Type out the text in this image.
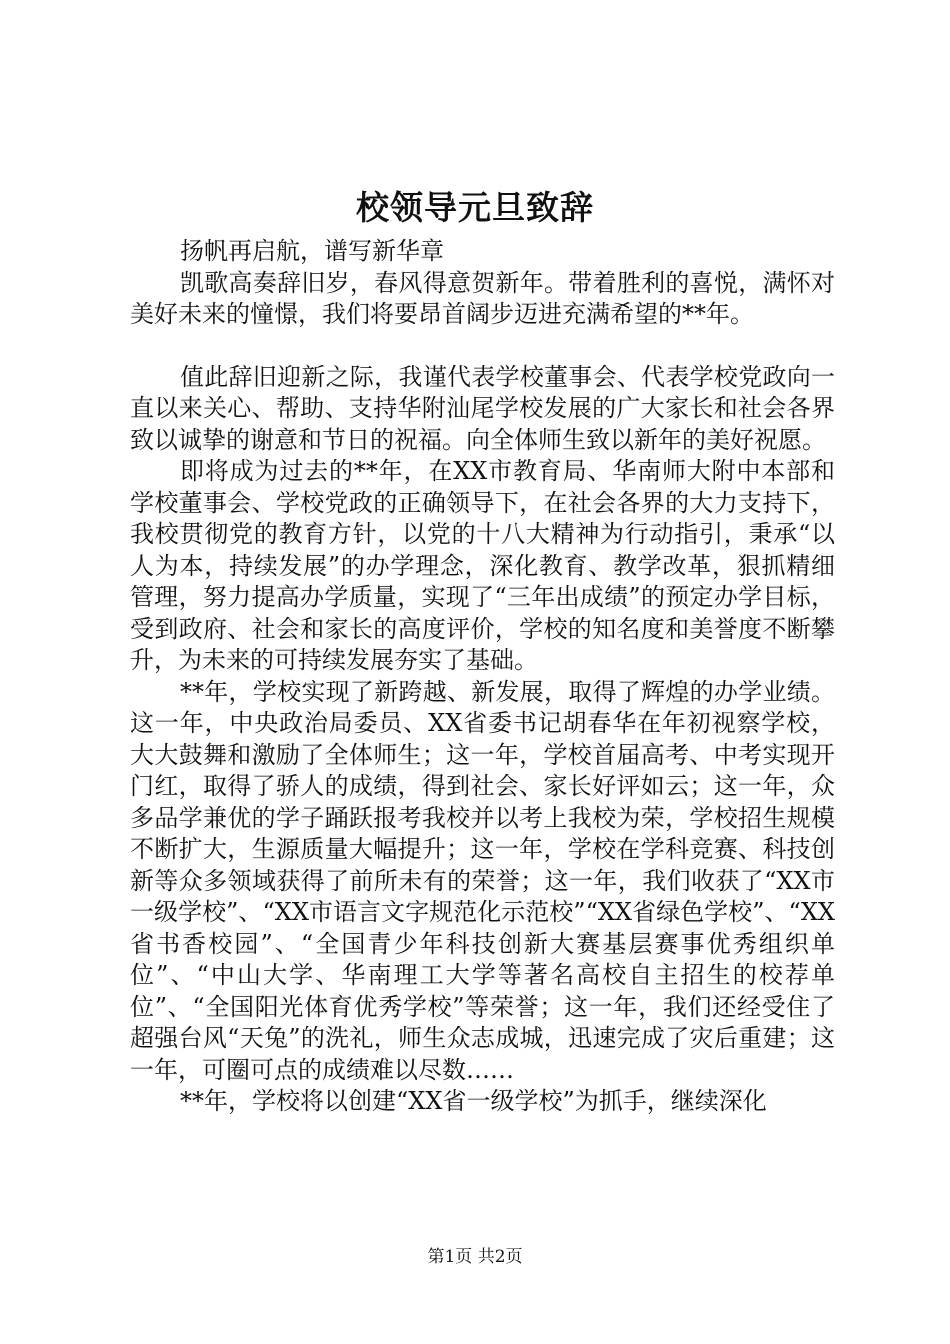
校领导元旦致辞

扬帆再启航，谱写新华章

凯歌高奏辞旧岁，春风得意贺新年。带着胜利的喜悦，满怀对美好未来的憧憬，我们将要昂首阔步迈进充满希望的**年。

值此辞旧迎新之际，我谨代表学校董事会、代表学校党政向一直以来关心、帮助、支持华附汕尾学校发展的广大家长和社会各界致以诚挚的谢意和节日的祝福。向全体师生致以新年的美好祝愿。

即将成为过去的**年，在XX市教育局、华南师大附中本部和学校董事会、学校党政的正确领导下，在社会各界的大力支持下，我校贯彻党的教育方针，以党的十八大精神为行动指引，秉承“以人为本，持续发展”的办学理念，深化教育、教学改革，狠抓精细管理，努力提高办学质量，实现了“三年出成绩”的预定办学目标，受到政府、社会和家长的高度评价，学校的知名度和美誉度不断攀升，为未来的可持续发展夯实了基础。

**年，学校实现了新跨越、新发展，取得了辉煌的办学业绩。这一年，中央政治局委员、XX省委书记胡春华在年初视察学校，大大鼓舞和激励了全体师生；这一年，学校首届高考、中考实现开门红，取得了骄人的成绩，得到社会、家长好评如云；这一年，众多品学兼优的学子踊跃报考我校并以考上我校为荣，学校招生规模不断扩大，生源质量大幅提升；这一年，学校在学科竞赛、科技创新等众多领域获得了前所未有的荣誉；这一年，我们收获了“XX市一级学校”、“XX市语言文字规范化示范校”“XX省绿色学校”、“XX省书香校园”、“全国青少年科技创新大赛基层赛事优秀组织单位”、“中山大学、华南理工大学等著名高校自主招生的校荐单位”、“全国阳光体育优秀学校”等荣誉；这一年，我们还经受住了超强台风“天兔”的洗礼，师生众志成城，迅速完成了灾后重建；这一年，可圈可点的成绩难以尽数……

**年，学校将以创建“XX省一级学校”为抓手，继续深化

第1页 共2页
